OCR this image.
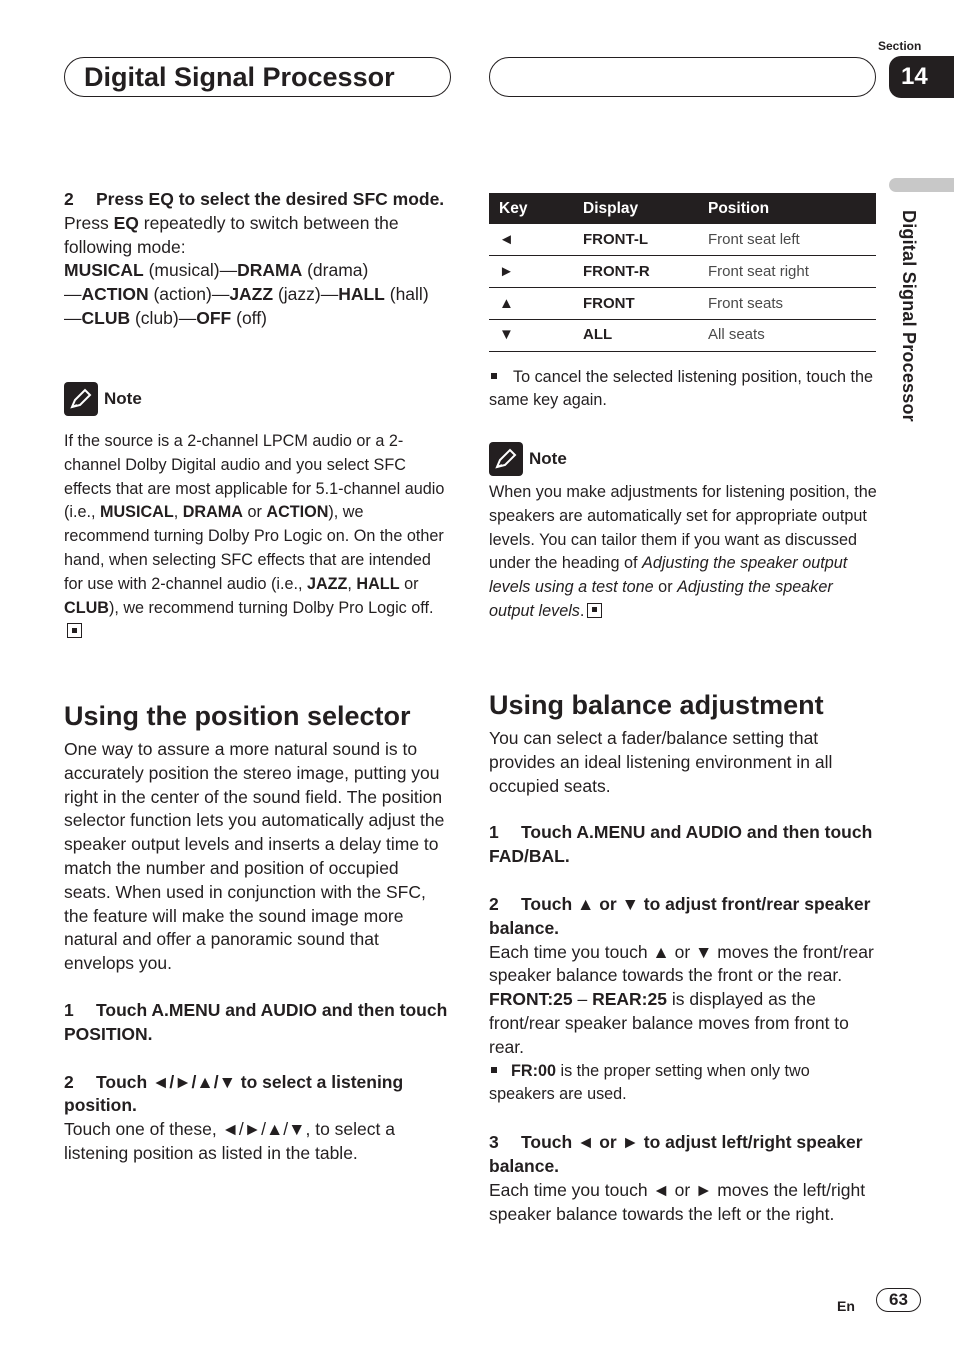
Digital Signal Processor
Section
14
Digital Signal Processor
2 Press EQ to select the desired SFC mode.
Press EQ repeatedly to switch between the following mode:
MUSICAL (musical)—DRAMA (drama)
—ACTION (action)—JAZZ (jazz)—HALL (hall)
—CLUB (club)—OFF (off)
Note
If the source is a 2-channel LPCM audio or a 2-channel Dolby Digital audio and you select SFC effects that are most applicable for 5.1-channel audio (i.e., MUSICAL, DRAMA or ACTION), we recommend turning Dolby Pro Logic on. On the other hand, when selecting SFC effects that are intended for use with 2-channel audio (i.e., JAZZ, HALL or CLUB), we recommend turning Dolby Pro Logic off.
Using the position selector
One way to assure a more natural sound is to accurately position the stereo image, putting you right in the center of the sound field. The position selector function lets you automatically adjust the speaker output levels and inserts a delay time to match the number and position of occupied seats. When used in conjunction with the SFC, the feature will make the sound image more natural and offer a panoramic sound that envelops you.
1 Touch A.MENU and AUDIO and then touch POSITION.
2 Touch ◄/►/▲/▼ to select a listening position.
Touch one of these, ◄/►/▲/▼, to select a listening position as listed in the table.
Key	Display	Position
◄	FRONT-L	Front seat left
►	FRONT-R	Front seat right
▲	FRONT	Front seats
▼	ALL	All seats
To cancel the selected listening position, touch the same key again.
Note
When you make adjustments for listening position, the speakers are automatically set for appropriate output levels. You can tailor them if you want as discussed under the heading of Adjusting the speaker output levels using a test tone or Adjusting the speaker output levels.
Using balance adjustment
You can select a fader/balance setting that provides an ideal listening environment in all occupied seats.
1 Touch A.MENU and AUDIO and then touch FAD/BAL.
2 Touch ▲ or ▼ to adjust front/rear speaker balance.
Each time you touch ▲ or ▼ moves the front/rear speaker balance towards the front or the rear.
FRONT:25 – REAR:25 is displayed as the front/rear speaker balance moves from front to rear.
FR:00 is the proper setting when only two speakers are used.
3 Touch ◄ or ► to adjust left/right speaker balance.
Each time you touch ◄ or ► moves the left/right speaker balance towards the left or the right.
En	63
